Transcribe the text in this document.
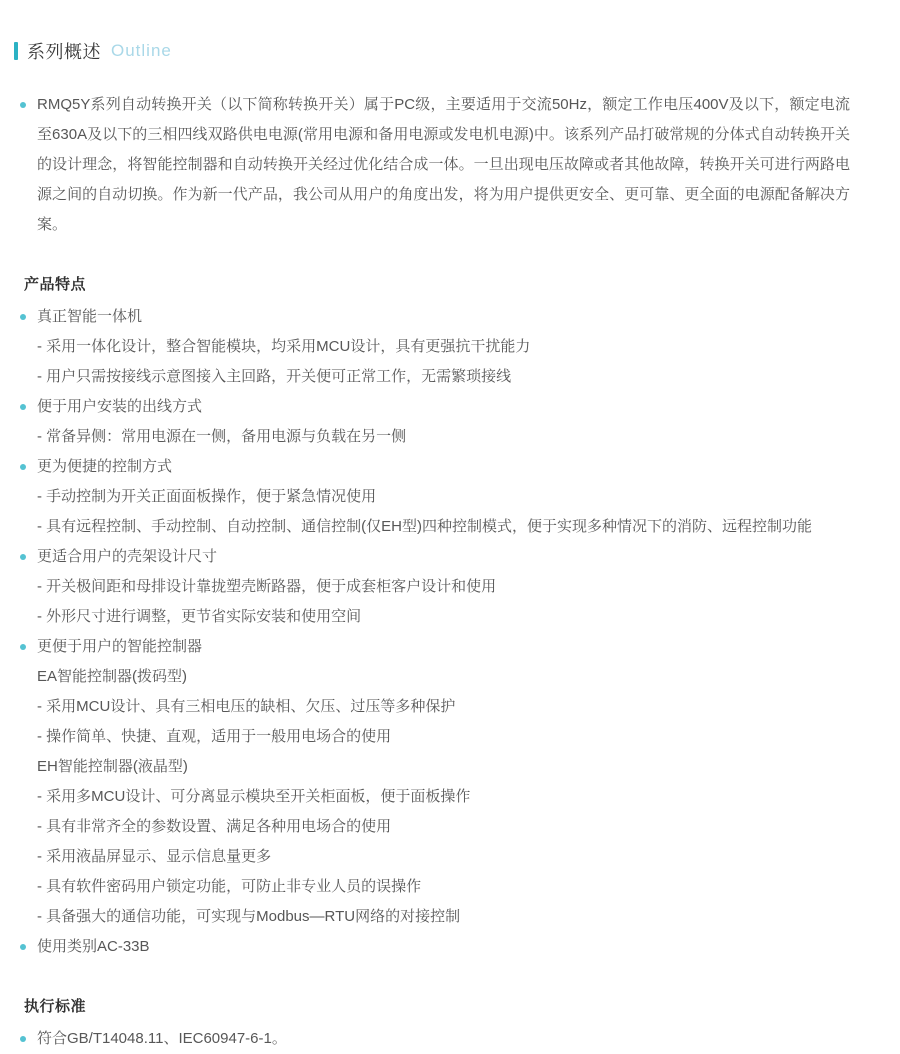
系列概述 Outline

RMQ5Y系列自动转换开关（以下简称转换开关）属于PC级，主要适用于交流50Hz，额定工作电压400V及以下，额定电流至630A及以下的三相四线双路供电电源(常用电源和备用电源或发电机电源)中。该系列产品打破常规的分体式自动转换开关的设计理念，将智能控制器和自动转换开关经过优化结合成一体。一旦出现电压故障或者其他故障，转换开关可进行两路电源之间的自动切换。作为新一代产品，我公司从用户的角度出发，将为用户提供更安全、更可靠、更全面的电源配备解决方案。

产品特点
真正智能一体机
- 采用一体化设计，整合智能模块，均采用MCU设计，具有更强抗干扰能力
- 用户只需按接线示意图接入主回路，开关便可正常工作，无需繁琐接线
便于用户安装的出线方式
- 常备异侧：常用电源在一侧，备用电源与负载在另一侧
更为便捷的控制方式
- 手动控制为开关正面面板操作，便于紧急情况使用
- 具有远程控制、手动控制、自动控制、通信控制(仅EH型)四种控制模式，便于实现多种情况下的消防、远程控制功能
更适合用户的壳架设计尺寸
- 开关极间距和母排设计靠拢塑壳断路器，便于成套柜客户设计和使用
- 外形尺寸进行调整，更节省实际安装和使用空间
更便于用户的智能控制器
EA智能控制器(拨码型)
- 采用MCU设计、具有三相电压的缺相、欠压、过压等多种保护
- 操作简单、快捷、直观，适用于一般用电场合的使用
EH智能控制器(液晶型)
- 采用多MCU设计、可分离显示模块至开关柜面板，便于面板操作
- 具有非常齐全的参数设置、满足各种用电场合的使用
- 采用液晶屏显示、显示信息量更多
- 具有软件密码用户锁定功能，可防止非专业人员的误操作
- 具备强大的通信功能，可实现与Modbus—RTU网络的对接控制
使用类别AC-33B
执行标准
符合GB/T14048.11、IEC60947-6-1。
